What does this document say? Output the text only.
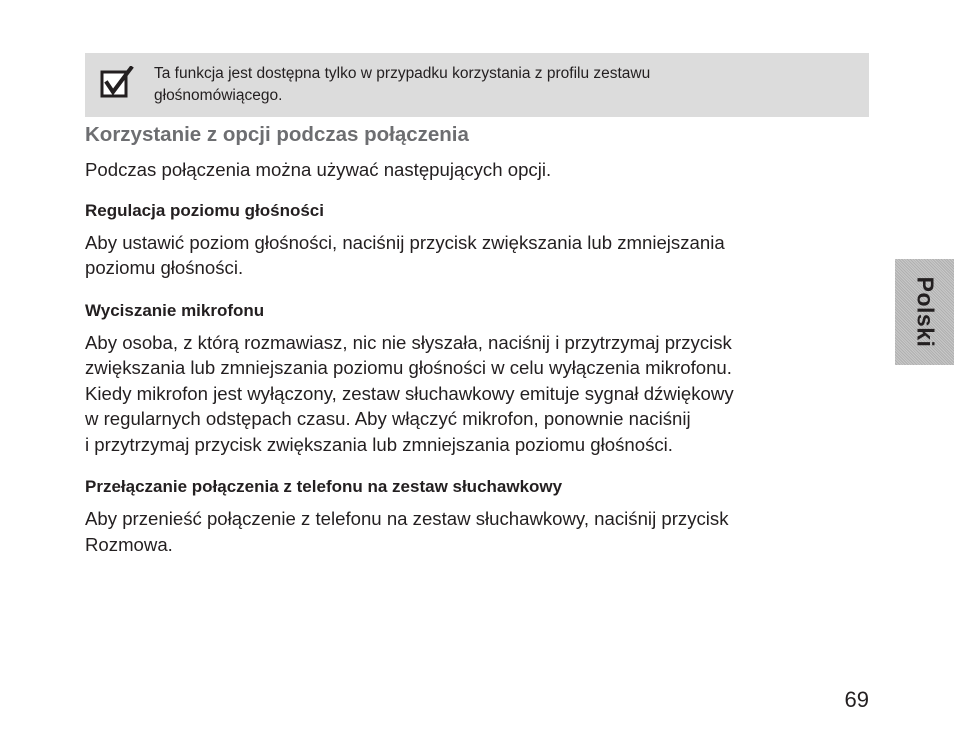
Ta funkcja jest dostępna tylko w przypadku korzystania z profilu zestawu
głośnomówiącego.
Korzystanie z opcji podczas połączenia

Podczas połączenia można używać następujących opcji.

Regulacja poziomu głośności

Aby ustawić poziom głośności, naciśnij przycisk zwiększania lub zmniejszania
poziomu głośności.

Wyciszanie mikrofonu

Aby osoba, z którą rozmawiasz, nic nie słyszała, naciśnij i przytrzymaj przycisk
zwiększania lub zmniejszania poziomu głośności w celu wyłączenia mikrofonu.
Kiedy mikrofon jest wyłączony, zestaw słuchawkowy emituje sygnał dźwiękowy
w regularnych odstępach czasu. Aby włączyć mikrofon, ponownie naciśnij
i przytrzymaj przycisk zwiększania lub zmniejszania poziomu głośności.

Przełączanie połączenia z telefonu na zestaw słuchawkowy

Aby przenieść połączenie z telefonu na zestaw słuchawkowy, naciśnij przycisk
Rozmowa.

Polski
69
